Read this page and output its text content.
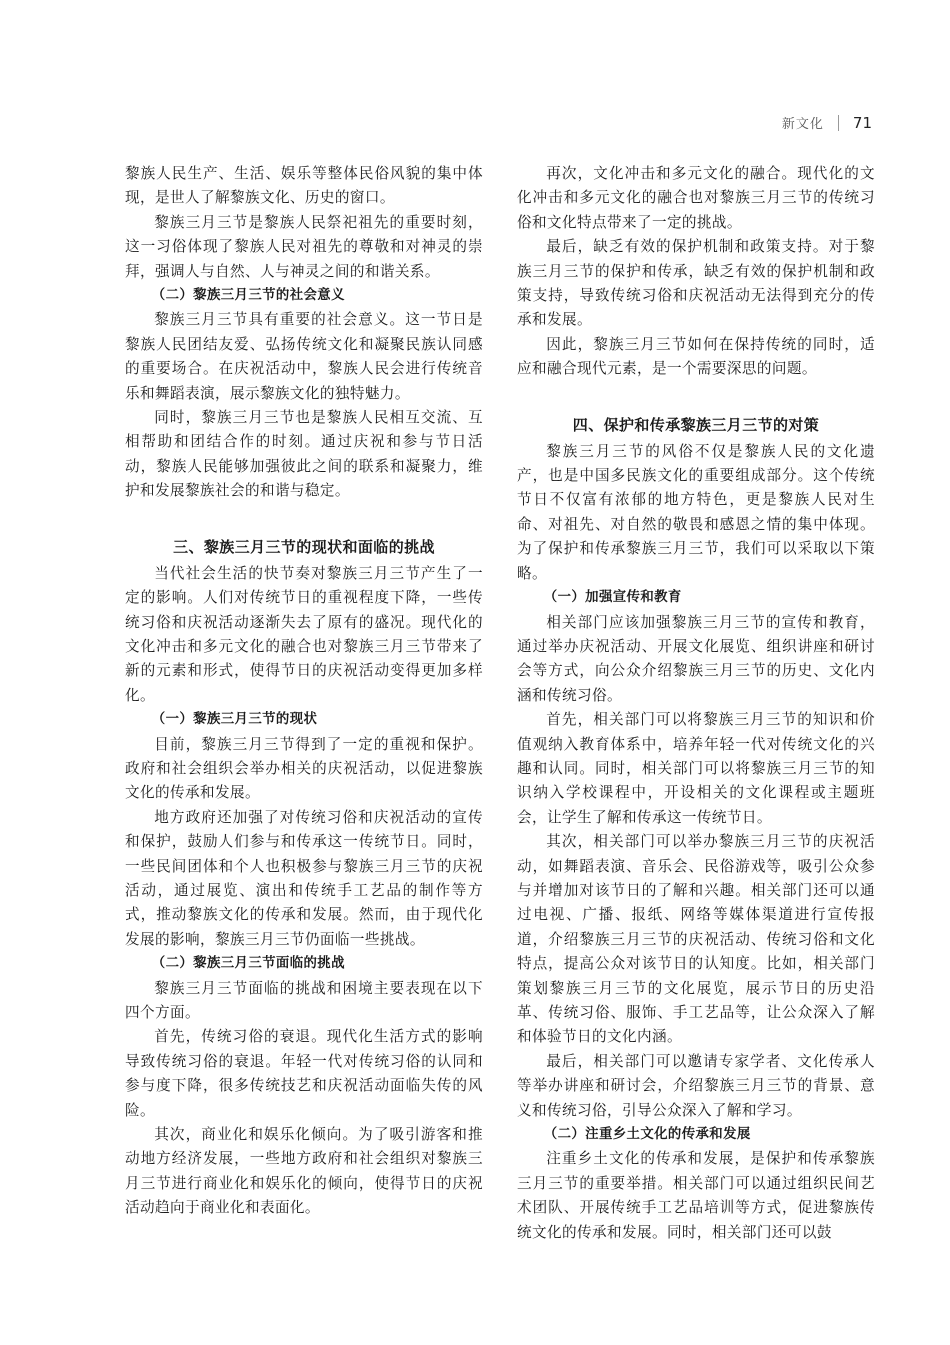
新文化 71

黎族人民生产、生活、娱乐等整体民俗风貌的集中体现，是世人了解黎族文化、历史的窗口。

黎族三月三节是黎族人民祭祀祖先的重要时刻，这一习俗体现了黎族人民对祖先的尊敬和对神灵的崇拜，强调人与自然、人与神灵之间的和谐关系。

（二）黎族三月三节的社会意义

黎族三月三节具有重要的社会意义。这一节日是黎族人民团结友爱、弘扬传统文化和凝聚民族认同感的重要场合。在庆祝活动中，黎族人民会进行传统音乐和舞蹈表演，展示黎族文化的独特魅力。

同时，黎族三月三节也是黎族人民相互交流、互相帮助和团结合作的时刻。通过庆祝和参与节日活动，黎族人民能够加强彼此之间的联系和凝聚力，维护和发展黎族社会的和谐与稳定。

三、黎族三月三节的现状和面临的挑战

当代社会生活的快节奏对黎族三月三节产生了一定的影响。人们对传统节日的重视程度下降，一些传统习俗和庆祝活动逐渐失去了原有的盛况。现代化的文化冲击和多元文化的融合也对黎族三月三节带来了新的元素和形式，使得节日的庆祝活动变得更加多样化。

（一）黎族三月三节的现状

目前，黎族三月三节得到了一定的重视和保护。政府和社会组织会举办相关的庆祝活动，以促进黎族文化的传承和发展。

地方政府还加强了对传统习俗和庆祝活动的宣传和保护，鼓励人们参与和传承这一传统节日。同时，一些民间团体和个人也积极参与黎族三月三节的庆祝活动，通过展览、演出和传统手工艺品的制作等方式，推动黎族文化的传承和发展。然而，由于现代化发展的影响，黎族三月三节仍面临一些挑战。

（二）黎族三月三节面临的挑战

黎族三月三节面临的挑战和困境主要表现在以下四个方面。

首先，传统习俗的衰退。现代化生活方式的影响导致传统习俗的衰退。年轻一代对传统习俗的认同和参与度下降，很多传统技艺和庆祝活动面临失传的风险。

其次，商业化和娱乐化倾向。为了吸引游客和推动地方经济发展，一些地方政府和社会组织对黎族三月三节进行商业化和娱乐化的倾向，使得节日的庆祝活动趋向于商业化和表面化。

再次，文化冲击和多元文化的融合。现代化的文化冲击和多元文化的融合也对黎族三月三节的传统习俗和文化特点带来了一定的挑战。

最后，缺乏有效的保护机制和政策支持。对于黎族三月三节的保护和传承，缺乏有效的保护机制和政策支持，导致传统习俗和庆祝活动无法得到充分的传承和发展。

因此，黎族三月三节如何在保持传统的同时，适应和融合现代元素，是一个需要深思的问题。

四、保护和传承黎族三月三节的对策

黎族三月三节的风俗不仅是黎族人民的文化遗产，也是中国多民族文化的重要组成部分。这个传统节日不仅富有浓郁的地方特色，更是黎族人民对生命、对祖先、对自然的敬畏和感恩之情的集中体现。为了保护和传承黎族三月三节，我们可以采取以下策略。

（一）加强宣传和教育

相关部门应该加强黎族三月三节的宣传和教育，通过举办庆祝活动、开展文化展览、组织讲座和研讨会等方式，向公众介绍黎族三月三节的历史、文化内涵和传统习俗。

首先，相关部门可以将黎族三月三节的知识和价值观纳入教育体系中，培养年轻一代对传统文化的兴趣和认同。同时，相关部门可以将黎族三月三节的知识纳入学校课程中，开设相关的文化课程或主题班会，让学生了解和传承这一传统节日。

其次，相关部门可以举办黎族三月三节的庆祝活动，如舞蹈表演、音乐会、民俗游戏等，吸引公众参与并增加对该节日的了解和兴趣。相关部门还可以通过电视、广播、报纸、网络等媒体渠道进行宣传报道，介绍黎族三月三节的庆祝活动、传统习俗和文化特点，提高公众对该节日的认知度。比如，相关部门策划黎族三月三节的文化展览，展示节日的历史沿革、传统习俗、服饰、手工艺品等，让公众深入了解和体验节日的文化内涵。

最后，相关部门可以邀请专家学者、文化传承人等举办讲座和研讨会，介绍黎族三月三节的背景、意义和传统习俗，引导公众深入了解和学习。

（二）注重乡土文化的传承和发展

注重乡土文化的传承和发展，是保护和传承黎族三月三节的重要举措。相关部门可以通过组织民间艺术团队、开展传统手工艺品培训等方式，促进黎族传统文化的传承和发展。同时，相关部门还可以鼓
